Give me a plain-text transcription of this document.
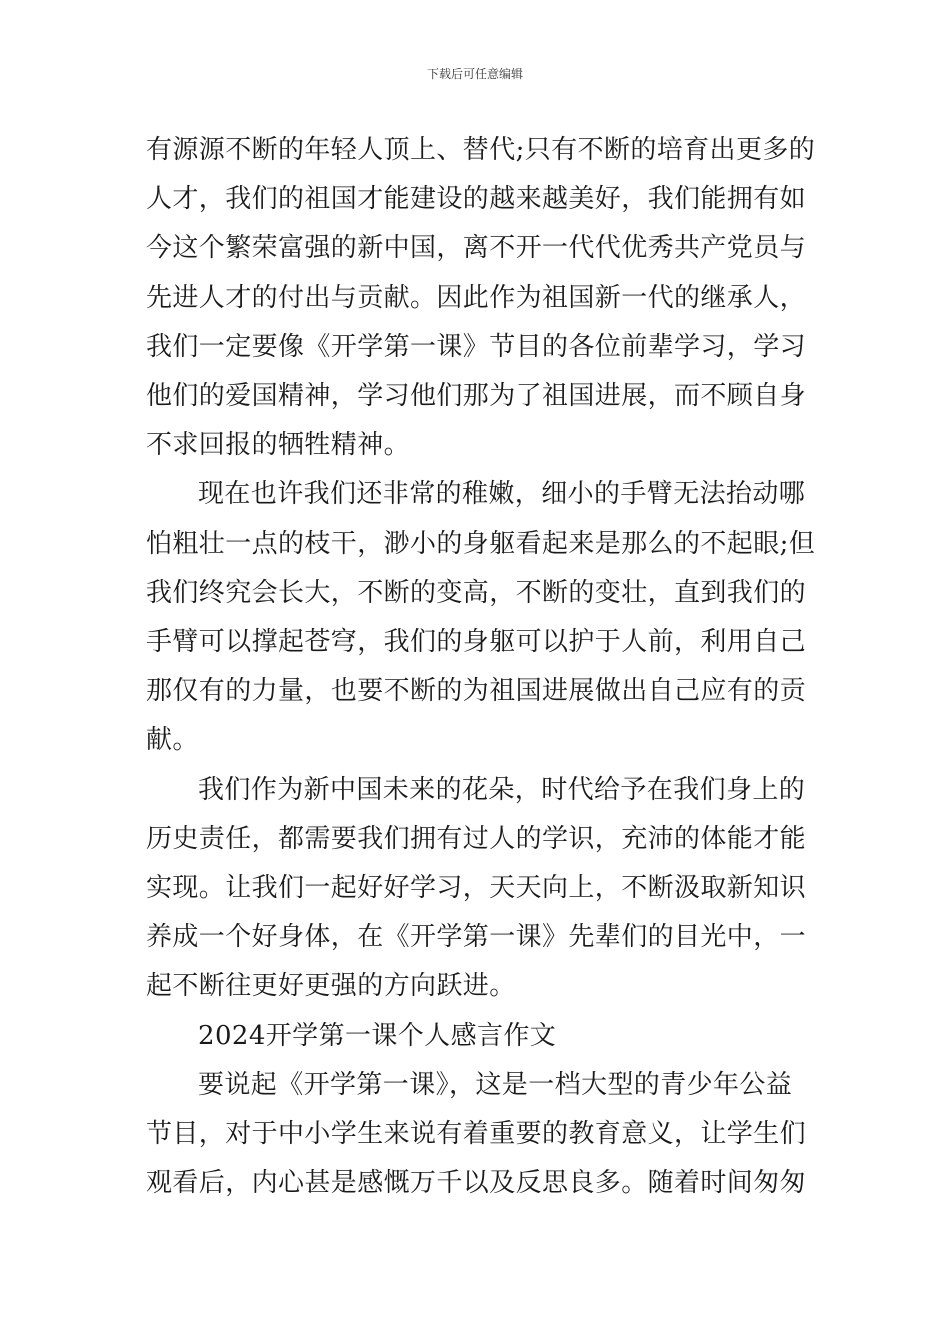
下载后可任意编辑
有源源不断的年轻人顶上、替代;只有不断的培育出更多的
人才，我们的祖国才能建设的越来越美好，我们能拥有如
今这个繁荣富强的新中国，离不开一代代优秀共产党员与
先进人才的付出与贡献。因此作为祖国新一代的继承人，
我们一定要像《开学第一课》节目的各位前辈学习，学习
他们的爱国精神，学习他们那为了祖国进展，而不顾自身
不求回报的牺牲精神。
现在也许我们还非常的稚嫩，细小的手臂无法抬动哪
怕粗壮一点的枝干，渺小的身躯看起来是那么的不起眼;但
我们终究会长大，不断的变高，不断的变壮，直到我们的
手臂可以撑起苍穹，我们的身躯可以护于人前，利用自己
那仅有的力量，也要不断的为祖国进展做出自己应有的贡
献。
我们作为新中国未来的花朵，时代给予在我们身上的
历史责任，都需要我们拥有过人的学识，充沛的体能才能
实现。让我们一起好好学习，天天向上，不断汲取新知识
养成一个好身体，在《开学第一课》先辈们的目光中，一
起不断往更好更强的方向跃进。
2024开学第一课个人感言作文
要说起《开学第一课》，这是一档大型的青少年公益
节目，对于中小学生来说有着重要的教育意义，让学生们
观看后，内心甚是感慨万千以及反思良多。随着时间匆匆
